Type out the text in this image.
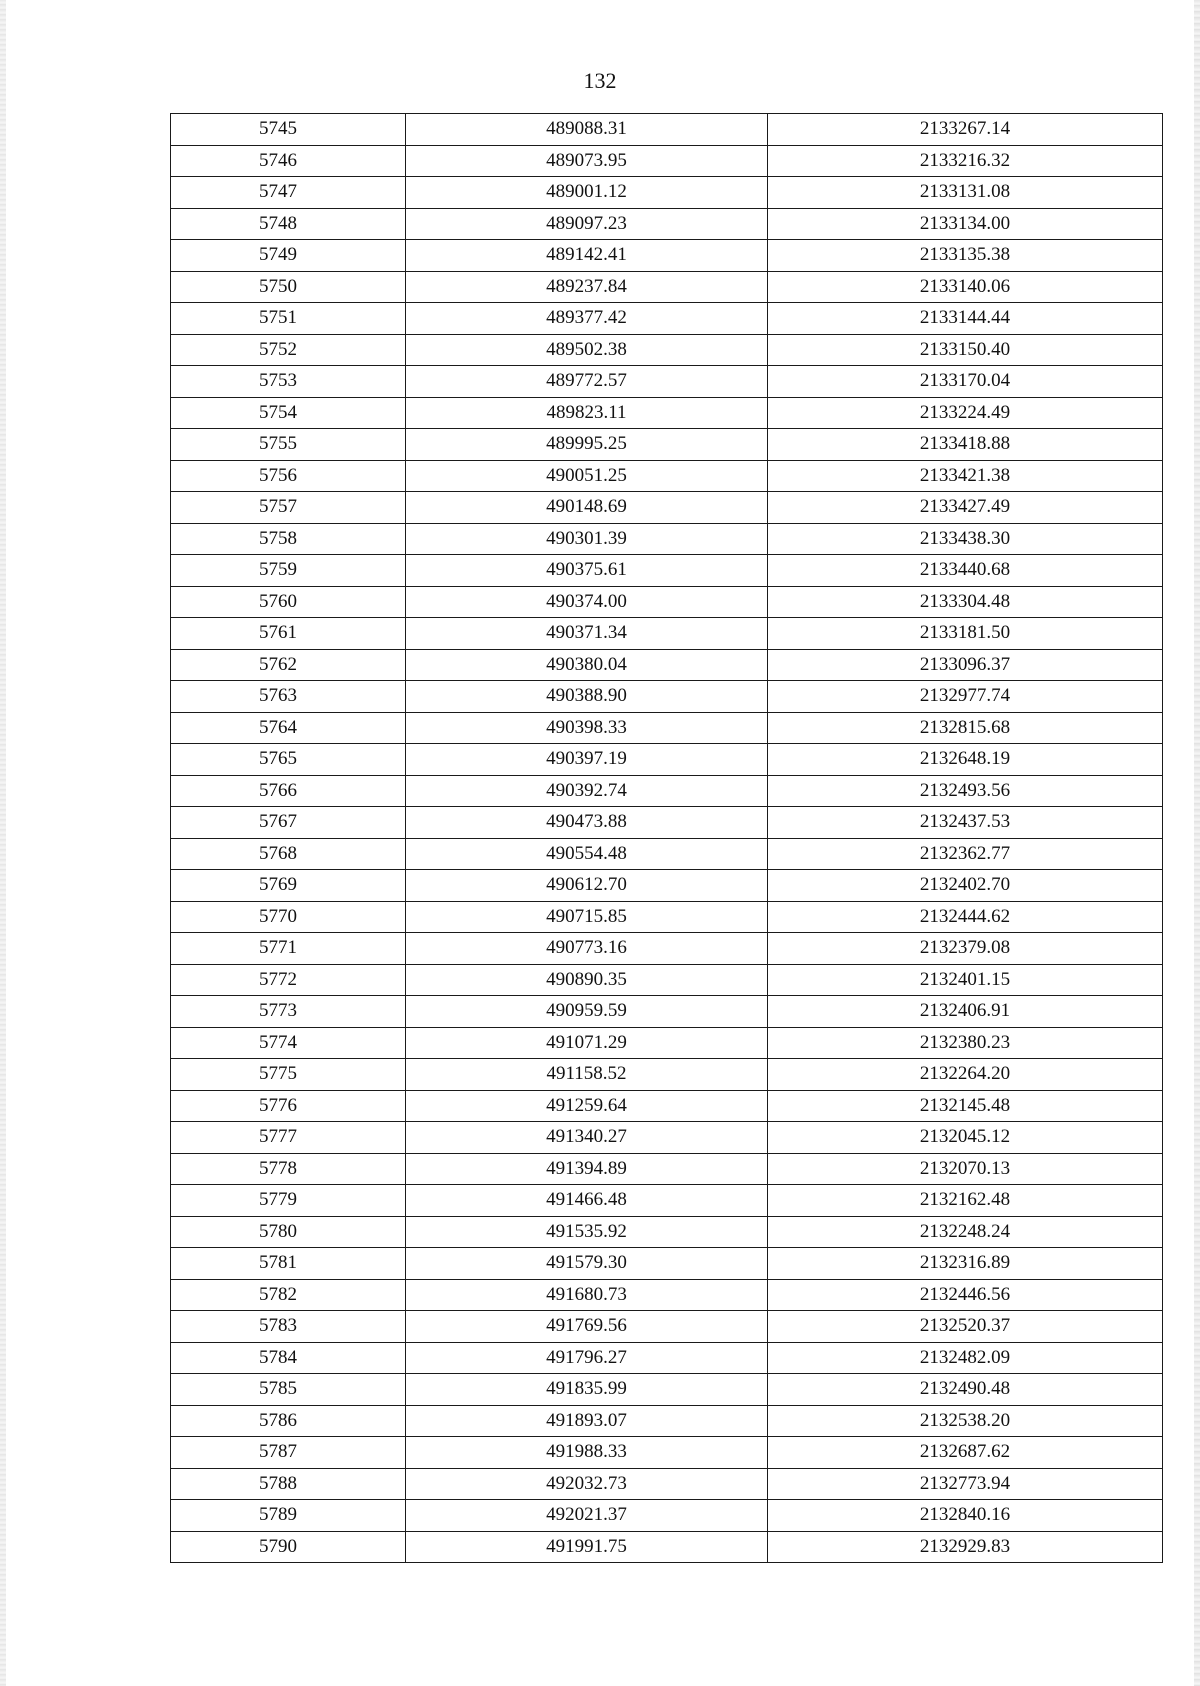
132
5745	489088.31	2133267.14
5746	489073.95	2133216.32
5747	489001.12	2133131.08
5748	489097.23	2133134.00
5749	489142.41	2133135.38
5750	489237.84	2133140.06
5751	489377.42	2133144.44
5752	489502.38	2133150.40
5753	489772.57	2133170.04
5754	489823.11	2133224.49
5755	489995.25	2133418.88
5756	490051.25	2133421.38
5757	490148.69	2133427.49
5758	490301.39	2133438.30
5759	490375.61	2133440.68
5760	490374.00	2133304.48
5761	490371.34	2133181.50
5762	490380.04	2133096.37
5763	490388.90	2132977.74
5764	490398.33	2132815.68
5765	490397.19	2132648.19
5766	490392.74	2132493.56
5767	490473.88	2132437.53
5768	490554.48	2132362.77
5769	490612.70	2132402.70
5770	490715.85	2132444.62
5771	490773.16	2132379.08
5772	490890.35	2132401.15
5773	490959.59	2132406.91
5774	491071.29	2132380.23
5775	491158.52	2132264.20
5776	491259.64	2132145.48
5777	491340.27	2132045.12
5778	491394.89	2132070.13
5779	491466.48	2132162.48
5780	491535.92	2132248.24
5781	491579.30	2132316.89
5782	491680.73	2132446.56
5783	491769.56	2132520.37
5784	491796.27	2132482.09
5785	491835.99	2132490.48
5786	491893.07	2132538.20
5787	491988.33	2132687.62
5788	492032.73	2132773.94
5789	492021.37	2132840.16
5790	491991.75	2132929.83
